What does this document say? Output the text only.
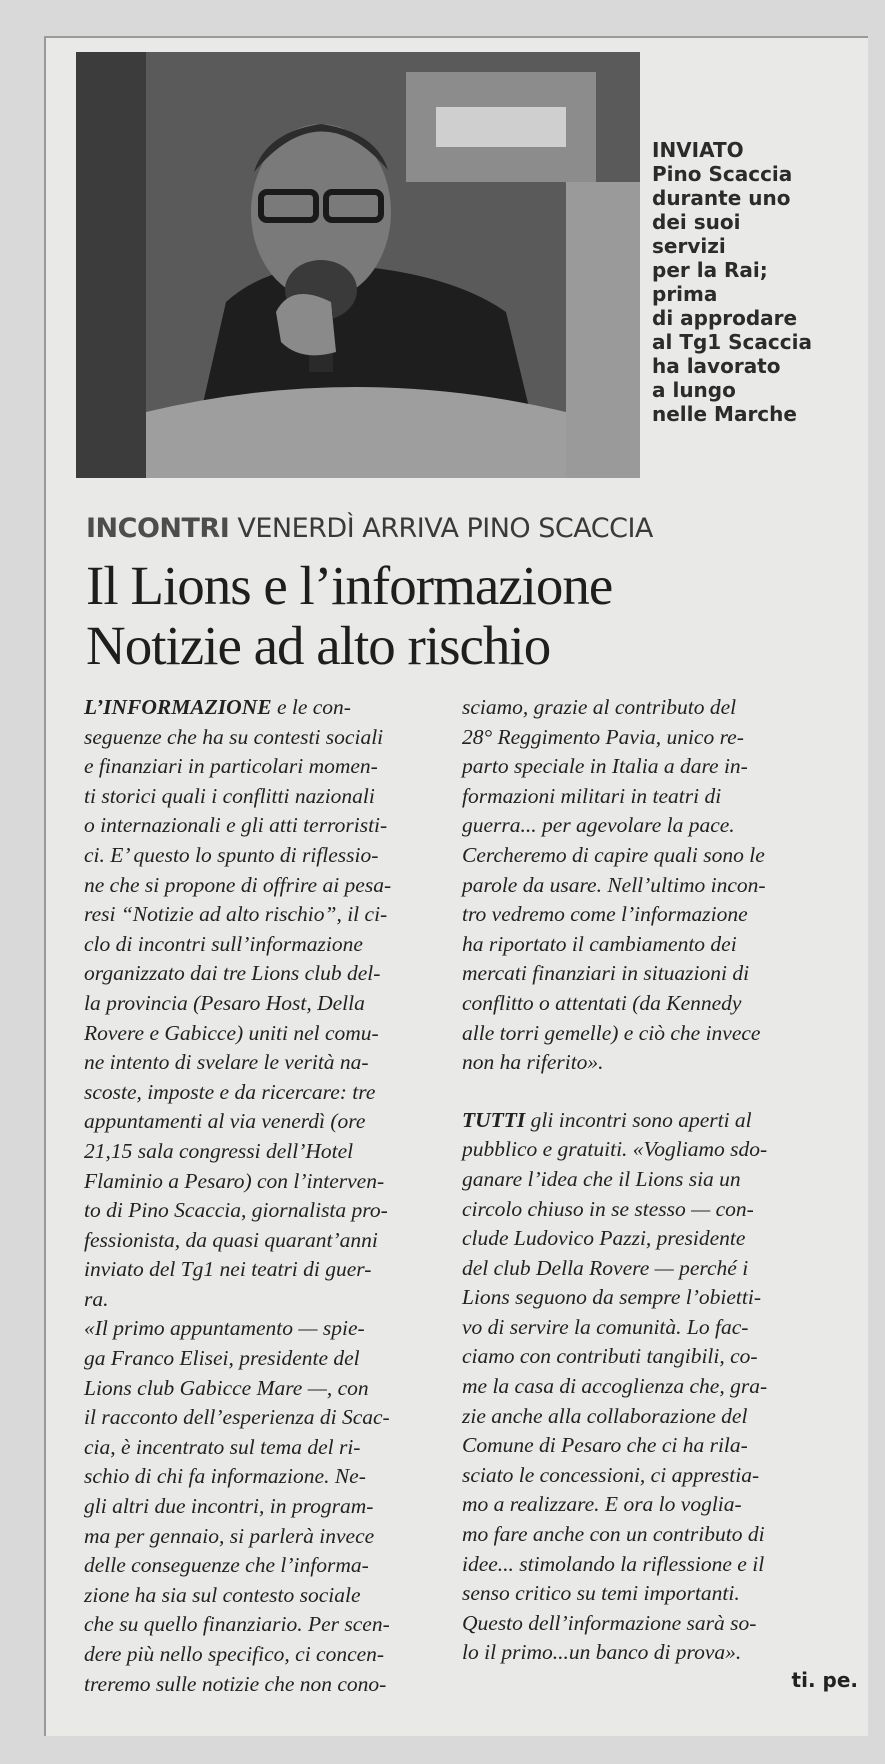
INVIATO
Pino Scaccia
durante uno
dei suoi
servizi
per la Rai;
prima
di approdare
al Tg1 Scaccia
ha lavorato
a lungo
nelle Marche
INCONTRI VENERDÌ ARRIVA PINO SCACCIA
Il Lions e l’informazione
Notizie ad alto rischio
L’INFORMAZIONE e le con-
seguenze che ha su contesti sociali
e finanziari in particolari momen-
ti storici quali i conflitti nazionali
o internazionali e gli atti terroristi-
ci. E’ questo lo spunto di riflessio-
ne che si propone di offrire ai pesa-
resi “Notizie ad alto rischio”, il ci-
clo di incontri sull’informazione
organizzato dai tre Lions club del-
la provincia (Pesaro Host, Della
Rovere e Gabicce) uniti nel comu-
ne intento di svelare le verità na-
scoste, imposte e da ricercare: tre
appuntamenti al via venerdì (ore
21,15 sala congressi dell’Hotel
Flaminio a Pesaro) con l’interven-
to di Pino Scaccia, giornalista pro-
fessionista, da quasi quarant’anni
inviato del Tg1 nei teatri di guer-
ra.
«Il primo appuntamento — spie-
ga Franco Elisei, presidente del
Lions club Gabicce Mare —, con
il racconto dell’esperienza di Scac-
cia, è incentrato sul tema del ri-
schio di chi fa informazione. Ne-
gli altri due incontri, in program-
ma per gennaio, si parlerà invece
delle conseguenze che l’informa-
zione ha sia sul contesto sociale
che su quello finanziario. Per scen-
dere più nello specifico, ci concen-
treremo sulle notizie che non cono-
sciamo, grazie al contributo del
28° Reggimento Pavia, unico re-
parto speciale in Italia a dare in-
formazioni militari in teatri di
guerra... per agevolare la pace.
Cercheremo di capire quali sono le
parole da usare. Nell’ultimo incon-
tro vedremo come l’informazione
ha riportato il cambiamento dei
mercati finanziari in situazioni di
conflitto o attentati (da Kennedy
alle torri gemelle) e ciò che invece
non ha riferito».
TUTTI gli incontri sono aperti al
pubblico e gratuiti. «Vogliamo sdo-
ganare l’idea che il Lions sia un
circolo chiuso in se stesso — con-
clude Ludovico Pazzi, presidente
del club Della Rovere — perché i
Lions seguono da sempre l’obietti-
vo di servire la comunità. Lo fac-
ciamo con contributi tangibili, co-
me la casa di accoglienza che, gra-
zie anche alla collaborazione del
Comune di Pesaro che ci ha rila-
sciato le concessioni, ci apprestia-
mo a realizzare. E ora lo voglia-
mo fare anche con un contributo di
idee... stimolando la riflessione e il
senso critico su temi importanti.
Questo dell’informazione sarà so-
lo il primo...un banco di prova».
ti. pe.
